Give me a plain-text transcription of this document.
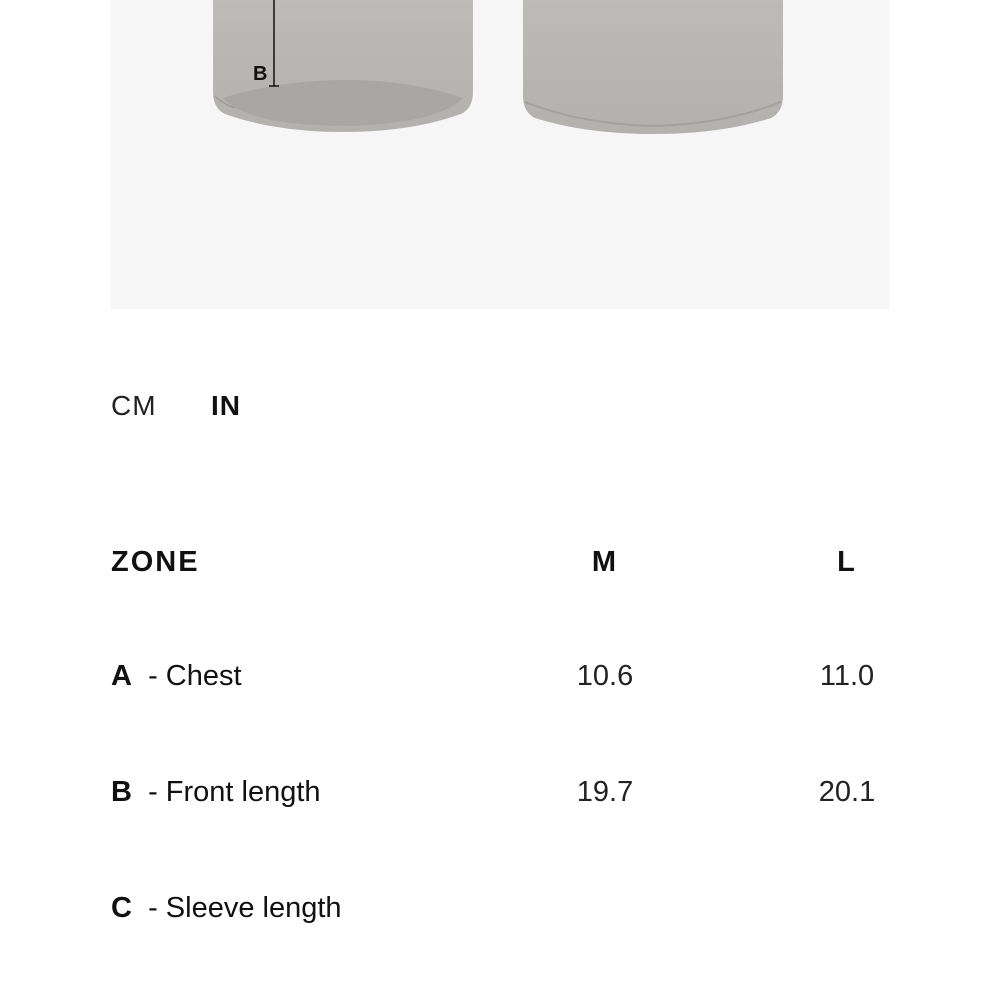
B
CM IN
ZONE	M	L
A - Chest	10.6	11.0
B - Front length	19.7	20.1
C - Sleeve length
